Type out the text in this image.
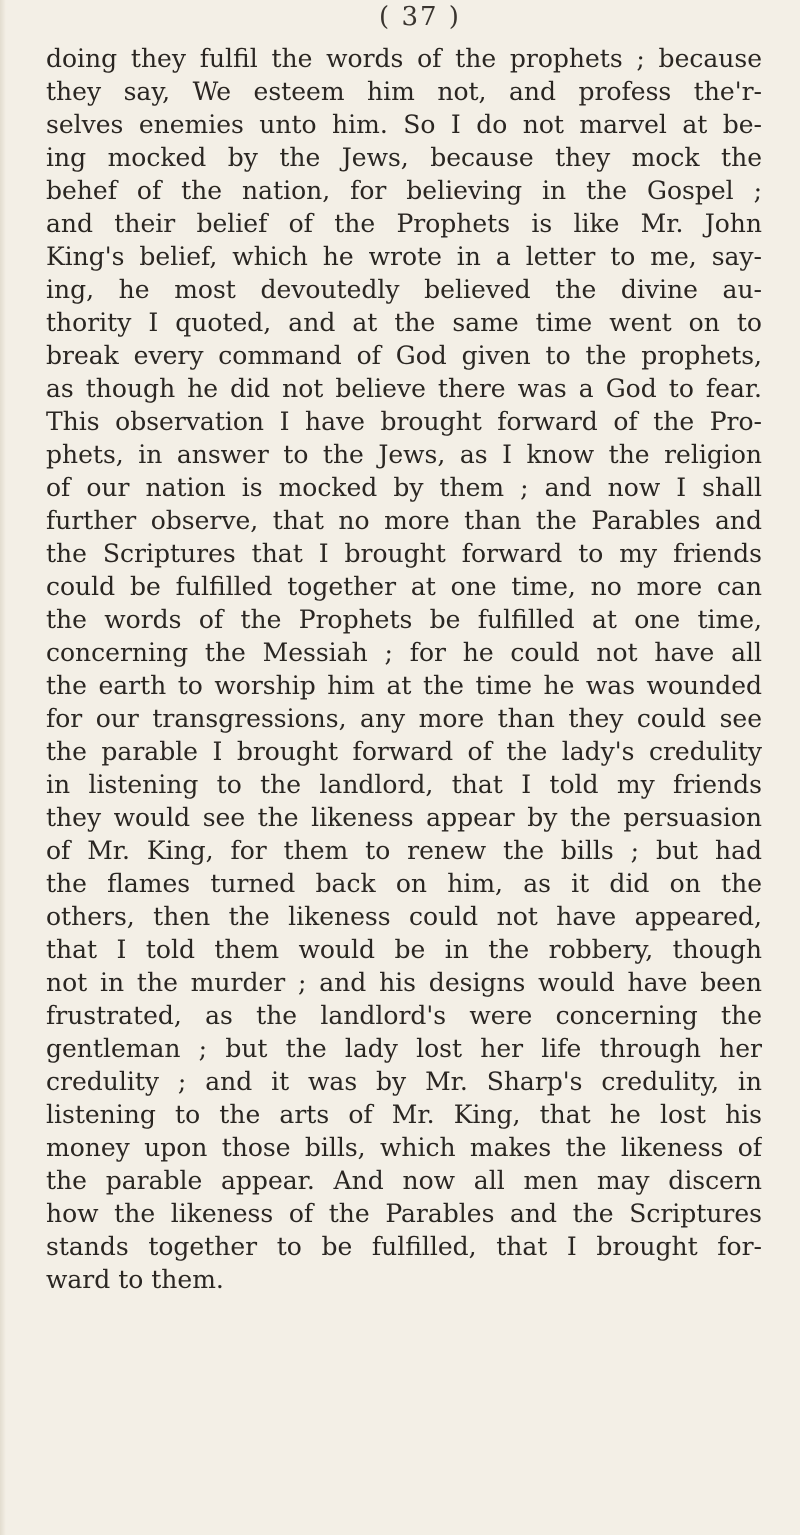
( 37 )
doing they fulfil the words of the prophets ; because
they say, We esteem him not, and profess the'r-
selves enemies unto him. So I do not marvel at be-
ing mocked by the Jews, because they mock the
behef of the nation, for believing in the Gospel ;
and their belief of the Prophets is like Mr. John
King's belief, which he wrote in a letter to me, say-
ing, he most devoutedly believed the divine au-
thority I quoted, and at the same time went on to
break every command of God given to the prophets,
as though he did not believe there was a God to fear.
This observation I have brought forward of the Pro-
phets, in answer to the Jews, as I know the religion
of our nation is mocked by them ; and now I shall
further observe, that no more than the Parables and
the Scriptures that I brought forward to my friends
could be fulfilled together at one time, no more can
the words of the Prophets be fulfilled at one time,
concerning the Messiah ; for he could not have all
the earth to worship him at the time he was wounded
for our transgressions, any more than they could see
the parable I brought forward of the lady's credulity
in listening to the landlord, that I told my friends
they would see the likeness appear by the persuasion
of Mr. King, for them to renew the bills ; but had
the flames turned back on him, as it did on the
others, then the likeness could not have appeared,
that I told them would be in the robbery, though
not in the murder ; and his designs would have been
frustrated, as the landlord's were concerning the
gentleman ; but the lady lost her life through her
credulity ; and it was by Mr. Sharp's credulity, in
listening to the arts of Mr. King, that he lost his
money upon those bills, which makes the likeness of
the parable appear. And now all men may discern
how the likeness of the Parables and the Scriptures
stands together to be fulfilled, that I brought for-
ward to them.
